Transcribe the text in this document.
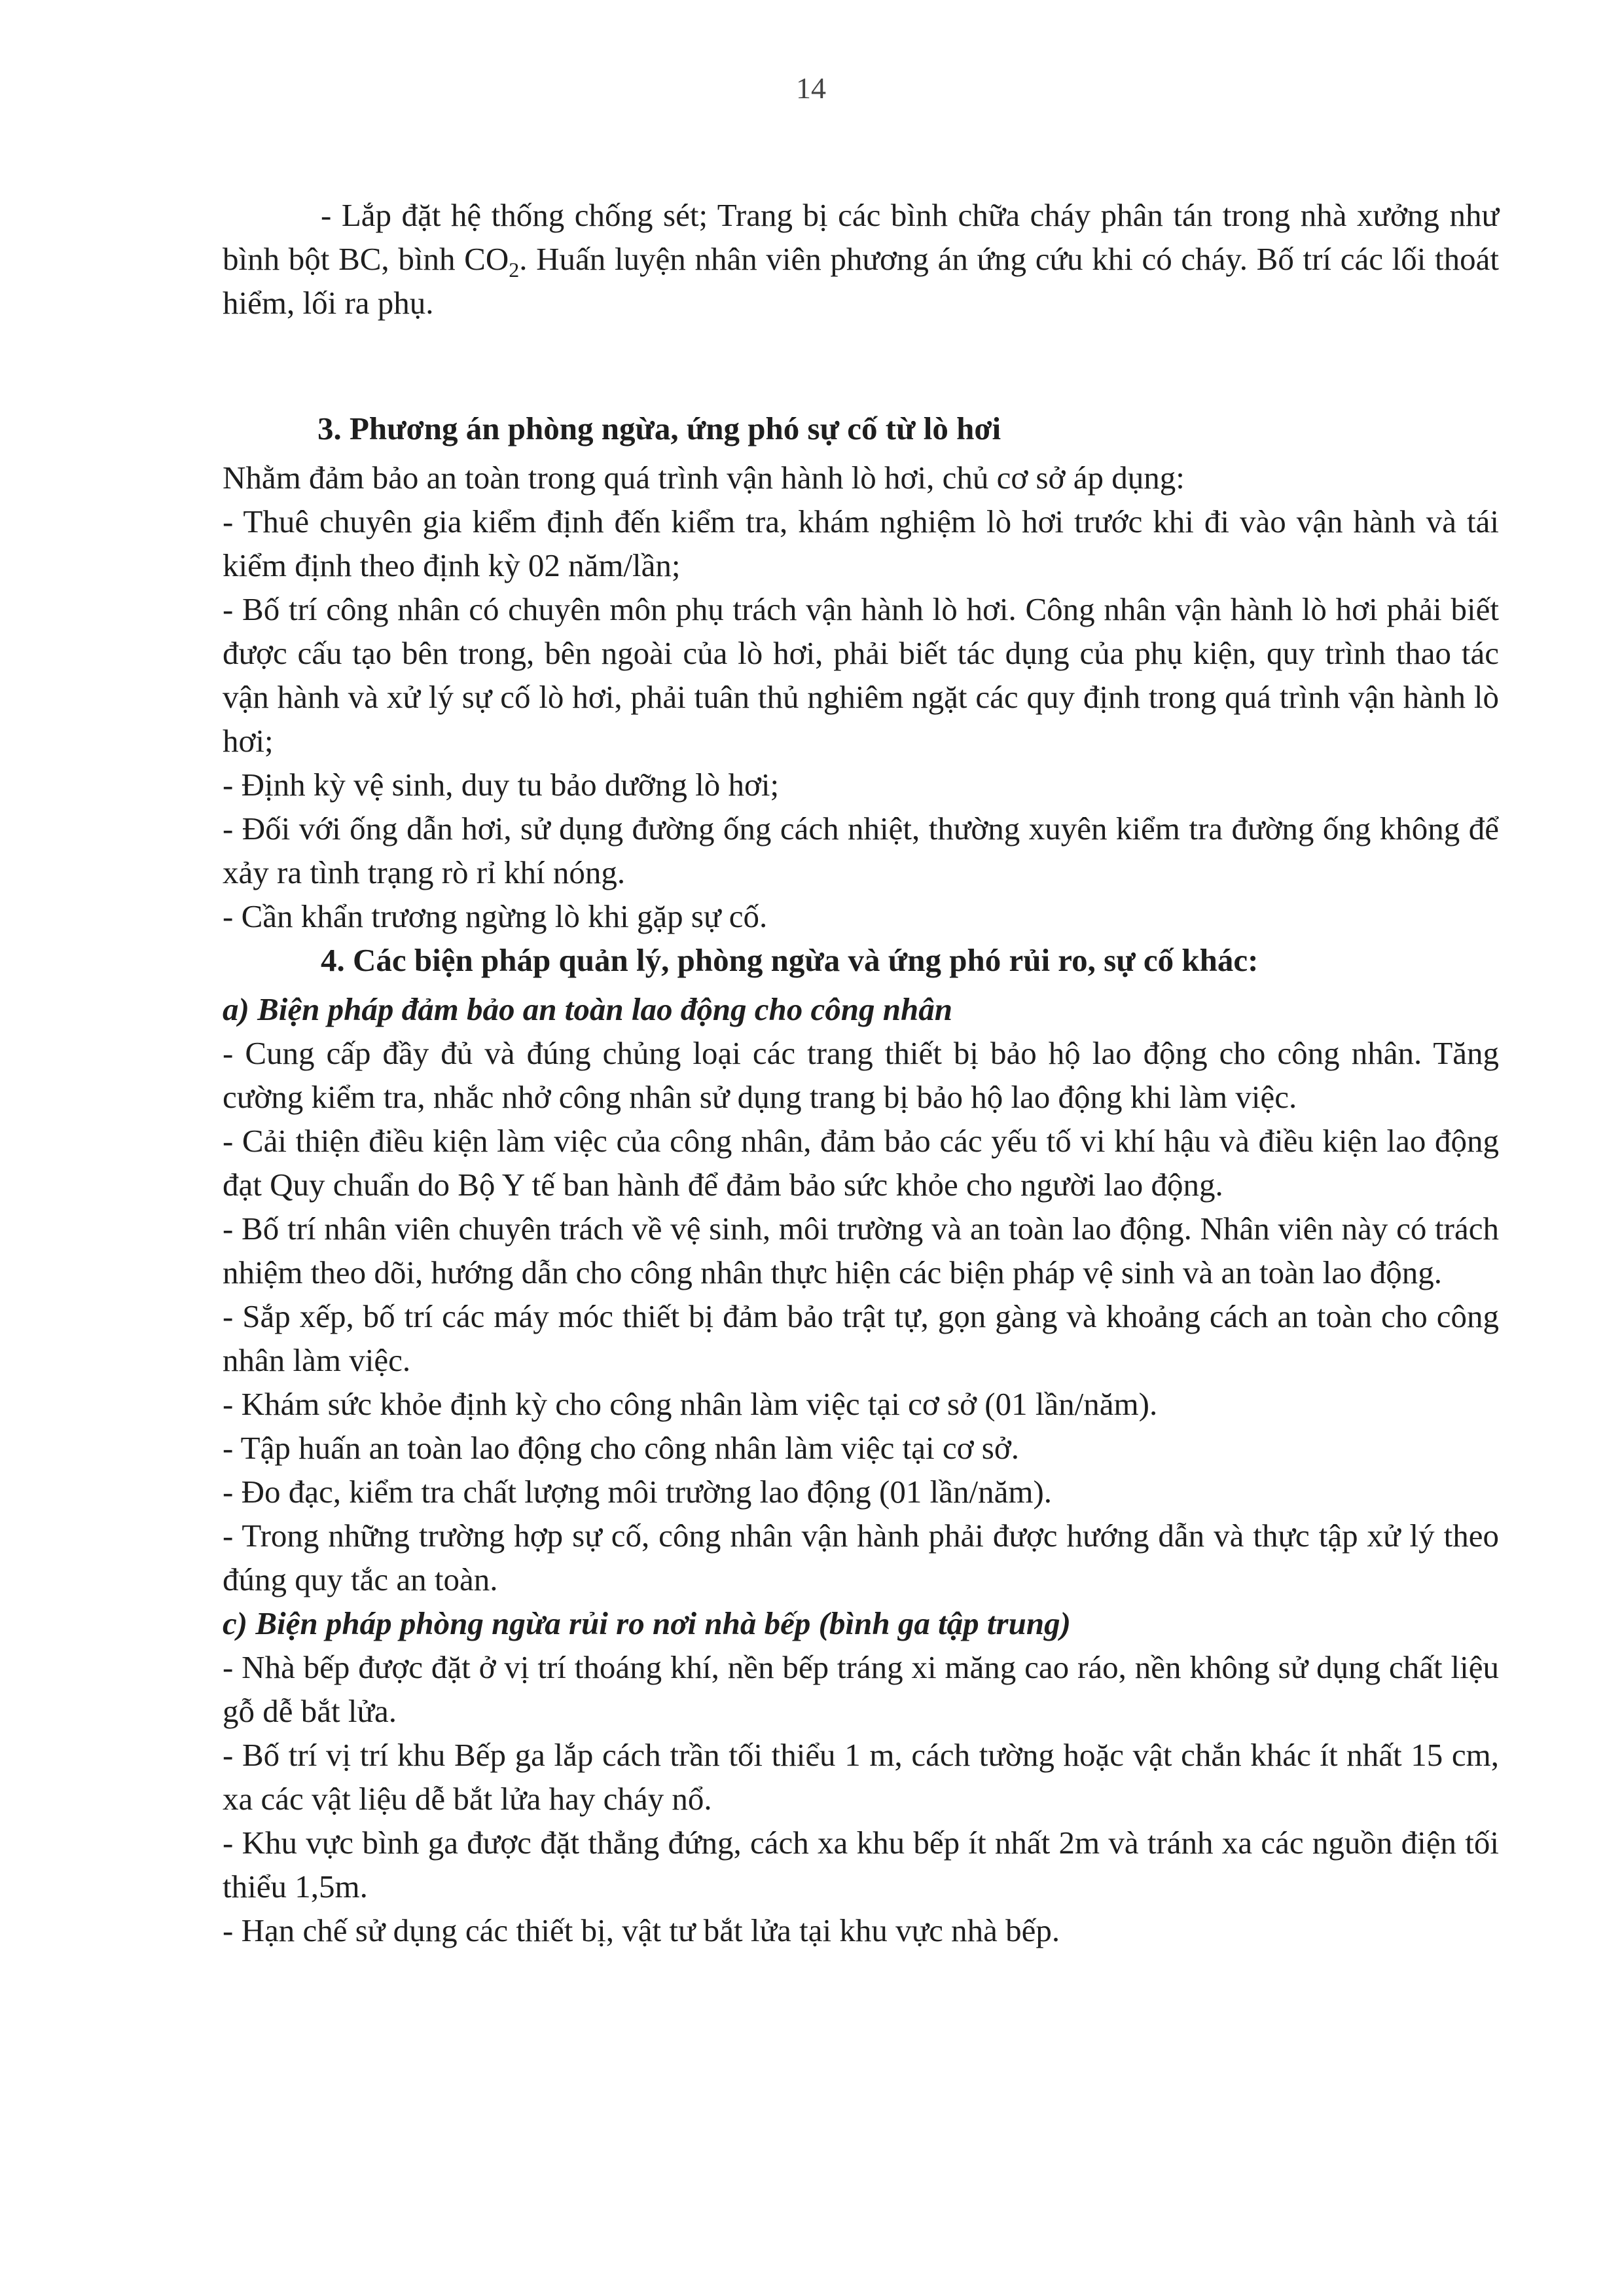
14

- Lắp đặt hệ thống chống sét; Trang bị các bình chữa cháy phân tán trong nhà xưởng như bình bột BC, bình $CO_2$. Huấn luyện nhân viên phương án ứng cứu khi có cháy. Bố trí các lối thoát hiểm, lối ra phụ.

3. Phương án phòng ngừa, ứng phó sự cố từ lò hơi

Nhằm đảm bảo an toàn trong quá trình vận hành lò hơi, chủ cơ sở áp dụng:

- Thuê chuyên gia kiểm định đến kiểm tra, khám nghiệm lò hơi trước khi đi vào vận hành và tái kiểm định theo định kỳ 02 năm/lần;

- Bố trí công nhân có chuyên môn phụ trách vận hành lò hơi. Công nhân vận hành lò hơi phải biết được cấu tạo bên trong, bên ngoài của lò hơi, phải biết tác dụng của phụ kiện, quy trình thao tác vận hành và xử lý sự cố lò hơi, phải tuân thủ nghiêm ngặt các quy định trong quá trình vận hành lò hơi;

- Định kỳ vệ sinh, duy tu bảo dưỡng lò hơi;

- Đối với ống dẫn hơi, sử dụng đường ống cách nhiệt, thường xuyên kiểm tra đường ống không để xảy ra tình trạng rò rỉ khí nóng.

- Cần khẩn trương ngừng lò khi gặp sự cố.

4. Các biện pháp quản lý, phòng ngừa và ứng phó rủi ro, sự cố khác:

a) Biện pháp đảm bảo an toàn lao động cho công nhân

- Cung cấp đầy đủ và đúng chủng loại các trang thiết bị bảo hộ lao động cho công nhân. Tăng cường kiểm tra, nhắc nhở công nhân sử dụng trang bị bảo hộ lao động khi làm việc.

- Cải thiện điều kiện làm việc của công nhân, đảm bảo các yếu tố vi khí hậu và điều kiện lao động đạt Quy chuẩn do Bộ Y tế ban hành để đảm bảo sức khỏe cho người lao động.

- Bố trí nhân viên chuyên trách về vệ sinh, môi trường và an toàn lao động. Nhân viên này có trách nhiệm theo dõi, hướng dẫn cho công nhân thực hiện các biện pháp vệ sinh và an toàn lao động.

- Sắp xếp, bố trí các máy móc thiết bị đảm bảo trật tự, gọn gàng và khoảng cách an toàn cho công nhân làm việc.

- Khám sức khỏe định kỳ cho công nhân làm việc tại cơ sở (01 lần/năm).

- Tập huấn an toàn lao động cho công nhân làm việc tại cơ sở.

- Đo đạc, kiểm tra chất lượng môi trường lao động (01 lần/năm).

- Trong những trường hợp sự cố, công nhân vận hành phải được hướng dẫn và thực tập xử lý theo đúng quy tắc an toàn.

c) Biện pháp phòng ngừa rủi ro nơi nhà bếp (bình ga tập trung)

- Nhà bếp được đặt ở vị trí thoáng khí, nền bếp tráng xi măng cao ráo, nền không sử dụng chất liệu gỗ dễ bắt lửa.

- Bố trí vị trí khu Bếp ga lắp cách trần tối thiểu 1 m, cách tường hoặc vật chắn khác ít nhất 15 cm, xa các vật liệu dễ bắt lửa hay cháy nổ.

- Khu vực bình ga được đặt thẳng đứng, cách xa khu bếp ít nhất 2m và tránh xa các nguồn điện tối thiểu 1,5m.

- Hạn chế sử dụng các thiết bị, vật tư bắt lửa tại khu vực nhà bếp.
